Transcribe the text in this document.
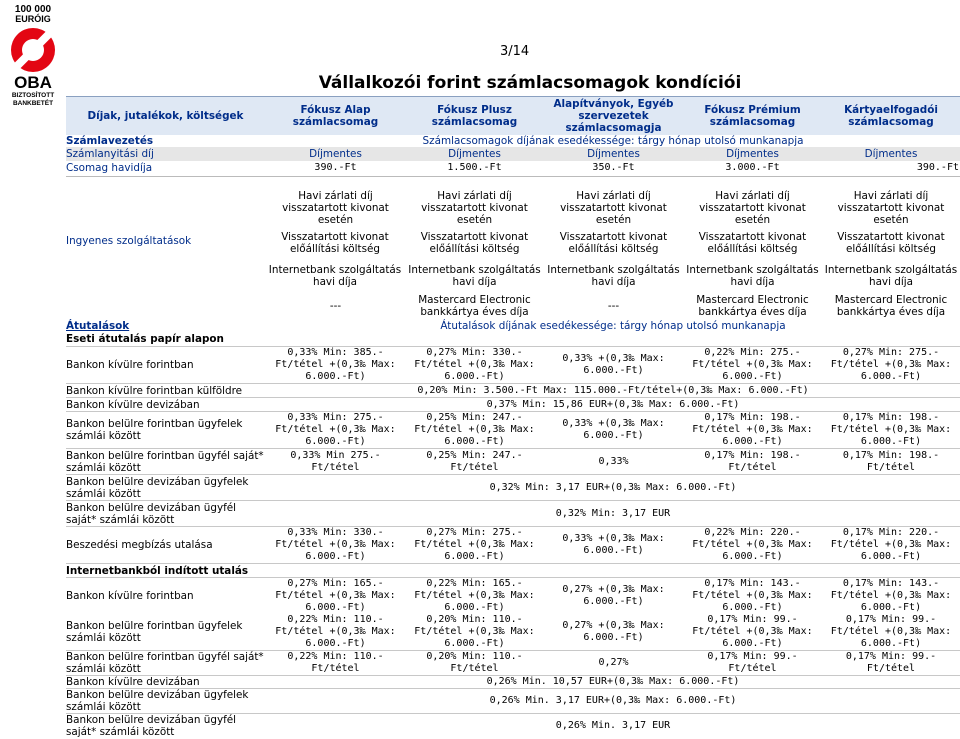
100 000
EURÓIG
OBA
BIZTOSÍTOTT
BANKBETÉT
3/14
Vállalkozói forint számlacsomagok kondíciói
Díjak, jutalékok, költségek	Fókusz Alap számlacsomag	Fókusz Plusz számlacsomag	Alapítványok, Egyéb szervezetek számlacsomagja	Fókusz Prémium számlacsomag	Kártyaelfogadói számlacsomag
Számlavezetés	Számlacsomagok díjának esedékessége: tárgy hónap utolsó munkanapja				
Számlanyitási díj	Díjmentes	Díjmentes	Díjmentes	Díjmentes	Díjmentes
Csomag havidíja	390.-Ft	1.500.-Ft	350.-Ft	3.000.-Ft	390.-Ft

Ingyenes szolgáltatások	Havi zárlati díj visszatartott kivonat esetén	Havi zárlati díj visszatartott kivonat esetén	Havi zárlati díj visszatartott kivonat esetén	Havi zárlati díj visszatartott kivonat esetén	Havi zárlati díj visszatartott kivonat esetén
	Visszatartott kivonat előállítási költség	Visszatartott kivonat előállítási költség	Visszatartott kivonat előállítási költség	Visszatartott kivonat előállítási költség	Visszatartott kivonat előállítási költség
	Internetbank szolgáltatás havi díja	Internetbank szolgáltatás havi díja	Internetbank szolgáltatás havi díja	Internetbank szolgáltatás havi díja	Internetbank szolgáltatás havi díja
	---	Mastercard Electronic bankkártya éves díja	---	Mastercard Electronic bankkártya éves díja	Mastercard Electronic bankkártya éves díja
Átutalások	Átutalások díjának esedékessége: tárgy hónap utolsó munkanapja				
Eseti átutalás papír alapon					
Bankon kívülre forintban	0,33% Min: 385.-Ft/tétel +(0,3‰ Max: 6.000.-Ft)	0,27% Min: 330.-Ft/tétel +(0,3‰ Max: 6.000.-Ft)	0,33% +(0,3‰ Max: 6.000.-Ft)	0,22% Min: 275.-Ft/tétel +(0,3‰ Max: 6.000.-Ft)	0,27% Min: 275.-Ft/tétel +(0,3‰ Max: 6.000.-Ft)
Bankon kívülre forintban külföldre	0,20% Min: 3.500.-Ft Max: 115.000.-Ft/tétel+(0,3‰ Max: 6.000.-Ft)				
Bankon kívülre devizában	0,37% Min: 15,86 EUR+(0,3‰ Max: 6.000.-Ft)				
Bankon belülre forintban ügyfelek számlái között	0,33% Min: 275.-Ft/tétel +(0,3‰ Max: 6.000.-Ft)	0,25% Min: 247.-Ft/tétel +(0,3‰ Max: 6.000.-Ft)	0,33% +(0,3‰ Max: 6.000.-Ft)	0,17% Min: 198.-Ft/tétel +(0,3‰ Max: 6.000.-Ft)	0,17% Min: 198.-Ft/tétel +(0,3‰ Max: 6.000.-Ft)
Bankon belülre forintban ügyfél saját* számlái között	0,33% Min 275.-Ft/tétel	0,25% Min: 247.-Ft/tétel	0,33%	0,17% Min: 198.-Ft/tétel	0,17% Min: 198.-Ft/tétel
Bankon belülre devizában ügyfelek számlái között	0,32% Min: 3,17 EUR+(0,3‰ Max: 6.000.-Ft)				
Bankon belülre devizában ügyfél saját* számlái között	0,32% Min: 3,17 EUR				
Beszedési megbízás utalása	0,33% Min: 330.-Ft/tétel +(0,3‰ Max: 6.000.-Ft)	0,27% Min: 275.-Ft/tétel +(0,3‰ Max: 6.000.-Ft)	0,33% +(0,3‰ Max: 6.000.-Ft)	0,22% Min: 220.-Ft/tétel +(0,3‰ Max: 6.000.-Ft)	0,17% Min: 220.-Ft/tétel +(0,3‰ Max: 6.000.-Ft)
Internetbankból indított utalás					
Bankon kívülre forintban	0,27% Min: 165.-Ft/tétel +(0,3‰ Max: 6.000.-Ft)	0,22% Min: 165.-Ft/tétel +(0,3‰ Max: 6.000.-Ft)	0,27% +(0,3‰ Max: 6.000.-Ft)	0,17% Min: 143.-Ft/tétel +(0,3‰ Max: 6.000.-Ft)	0,17% Min: 143.-Ft/tétel +(0,3‰ Max: 6.000.-Ft)
Bankon belülre forintban ügyfelek számlái között	0,22% Min: 110.-Ft/tétel +(0,3‰ Max: 6.000.-Ft)	0,20% Min: 110.-Ft/tétel +(0,3‰ Max: 6.000.-Ft)	0,27% +(0,3‰ Max: 6.000.-Ft)	0,17% Min: 99.-Ft/tétel +(0,3‰ Max: 6.000.-Ft)	0,17% Min: 99.-Ft/tétel +(0,3‰ Max: 6.000.-Ft)
Bankon belülre forintban ügyfél saját* számlái között	0,22% Min: 110.-Ft/tétel	0,20% Min: 110.-Ft/tétel	0,27%	0,17% Min: 99.-Ft/tétel	0,17% Min: 99.-Ft/tétel
Bankon kívülre devizában	0,26% Min. 10,57 EUR+(0,3‰ Max: 6.000.-Ft)				
Bankon belülre devizában ügyfelek számlái között	0,26% Min. 3,17 EUR+(0,3‰ Max: 6.000.-Ft)				
Bankon belülre devizában ügyfél saját* számlái között	0,26% Min. 3,17 EUR				
